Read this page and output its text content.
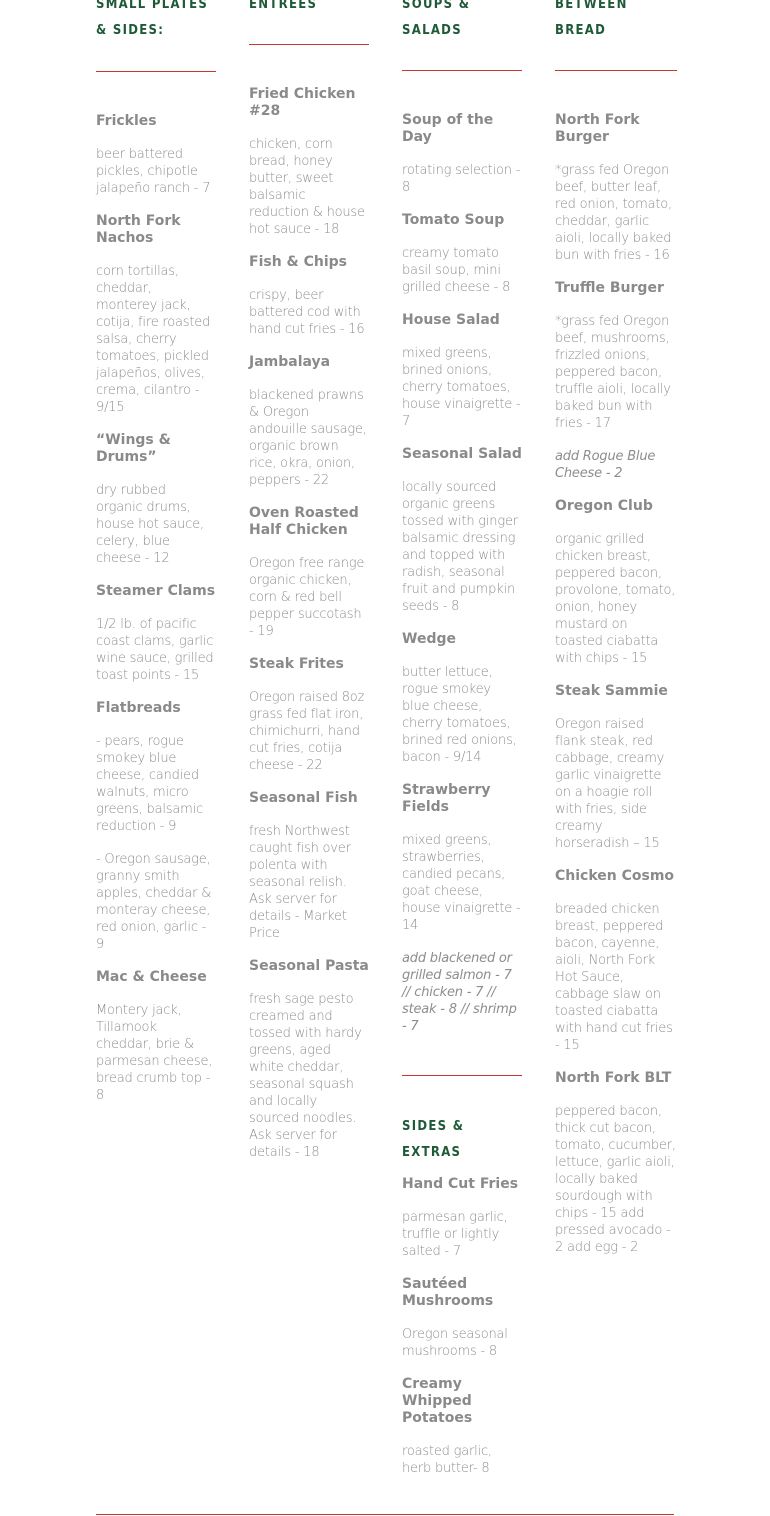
SMALL PLATES & SIDES:

Frickles

beer battered pickles, chipotle jalapeño ranch - 7

North Fork Nachos

corn tortillas, cheddar, monterey jack, cotija, fire roasted salsa, cherry tomatoes, pickled jalapeños, olives, crema, cilantro - 9/15

“Wings & Drums”

dry rubbed organic drums, house hot sauce, celery, blue cheese - 12

Steamer Clams

1/2 lb. of pacific coast clams, garlic wine sauce, grilled toast points - 15

Flatbreads

- pears, rogue smokey blue cheese, candied walnuts, micro greens, balsamic reduction - 9

- Oregon sausage, granny smith apples, cheddar & monteray cheese, red onion, garlic - 9

Mac & Cheese

Montery jack, Tillamook cheddar, brie & parmesan cheese, bread crumb top - 8

ENTREES

Fried Chicken #28

chicken, corn bread, honey butter, sweet balsamic reduction & house hot sauce - 18

Fish & Chips

crispy, beer battered cod with hand cut fries - 16

Jambalaya

blackened prawns & Oregon andouille sausage, organic brown rice, okra, onion, peppers - 22

Oven Roasted Half Chicken

Oregon free range organic chicken, corn & red bell pepper succotash - 19

Steak Frites

Oregon raised 8oz grass fed flat iron, chimichurri, hand cut fries, cotija cheese - 22

Seasonal Fish

fresh Northwest caught fish over polenta with seasonal relish. Ask server for details - Market Price

Seasonal Pasta

fresh sage pesto creamed and tossed with hardy greens, aged white cheddar, seasonal squash and locally sourced noodles. Ask server for details - 18

SOUPS & SALADS

Soup of the Day

rotating selection - 8

Tomato Soup

creamy tomato basil soup, mini grilled cheese - 8

House Salad

mixed greens, brined onions, cherry tomatoes, house vinaigrette - 7

Seasonal Salad

locally sourced organic greens tossed with ginger balsamic dressing and topped with radish, seasonal fruit and pumpkin seeds - 8

Wedge

butter lettuce, rogue smokey blue cheese, cherry tomatoes, brined red onions, bacon - 9/14

Strawberry Fields

mixed greens, strawberries, candied pecans, goat cheese, house vinaigrette - 14

add blackened or grilled salmon - 7 // chicken - 7 // steak - 8 // shrimp - 7

SIDES & EXTRAS

Hand Cut Fries

parmesan garlic, truffle or lightly salted - 7

Sautéed Mushrooms

Oregon seasonal mushrooms - 8

Creamy Whipped Potatoes

roasted garlic, herb butter- 8

BETWEEN BREAD

North Fork Burger

*grass fed Oregon beef, butter leaf, red onion, tomato, cheddar, garlic aioli, locally baked bun with fries - 16

Truffle Burger

*grass fed Oregon beef, mushrooms, frizzled onions, peppered bacon, truffle aioli, locally baked bun with fries - 17

add Rogue Blue Cheese - 2

Oregon Club

organic grilled chicken breast, peppered bacon, provolone, tomato, onion, honey mustard on toasted ciabatta with chips - 15

Steak Sammie

Oregon raised flank steak, red cabbage, creamy garlic vinaigrette on a hoagie roll with fries, side creamy horseradish – 15

Chicken Cosmo

breaded chicken breast, peppered bacon, cayenne, aioli, North Fork Hot Sauce, cabbage slaw on toasted ciabatta with hand cut fries - 15

North Fork BLT

peppered bacon, thick cut bacon, tomato, cucumber, lettuce, garlic aioli, locally baked sourdough with chips - 15 add pressed avocado - 2 add egg - 2
